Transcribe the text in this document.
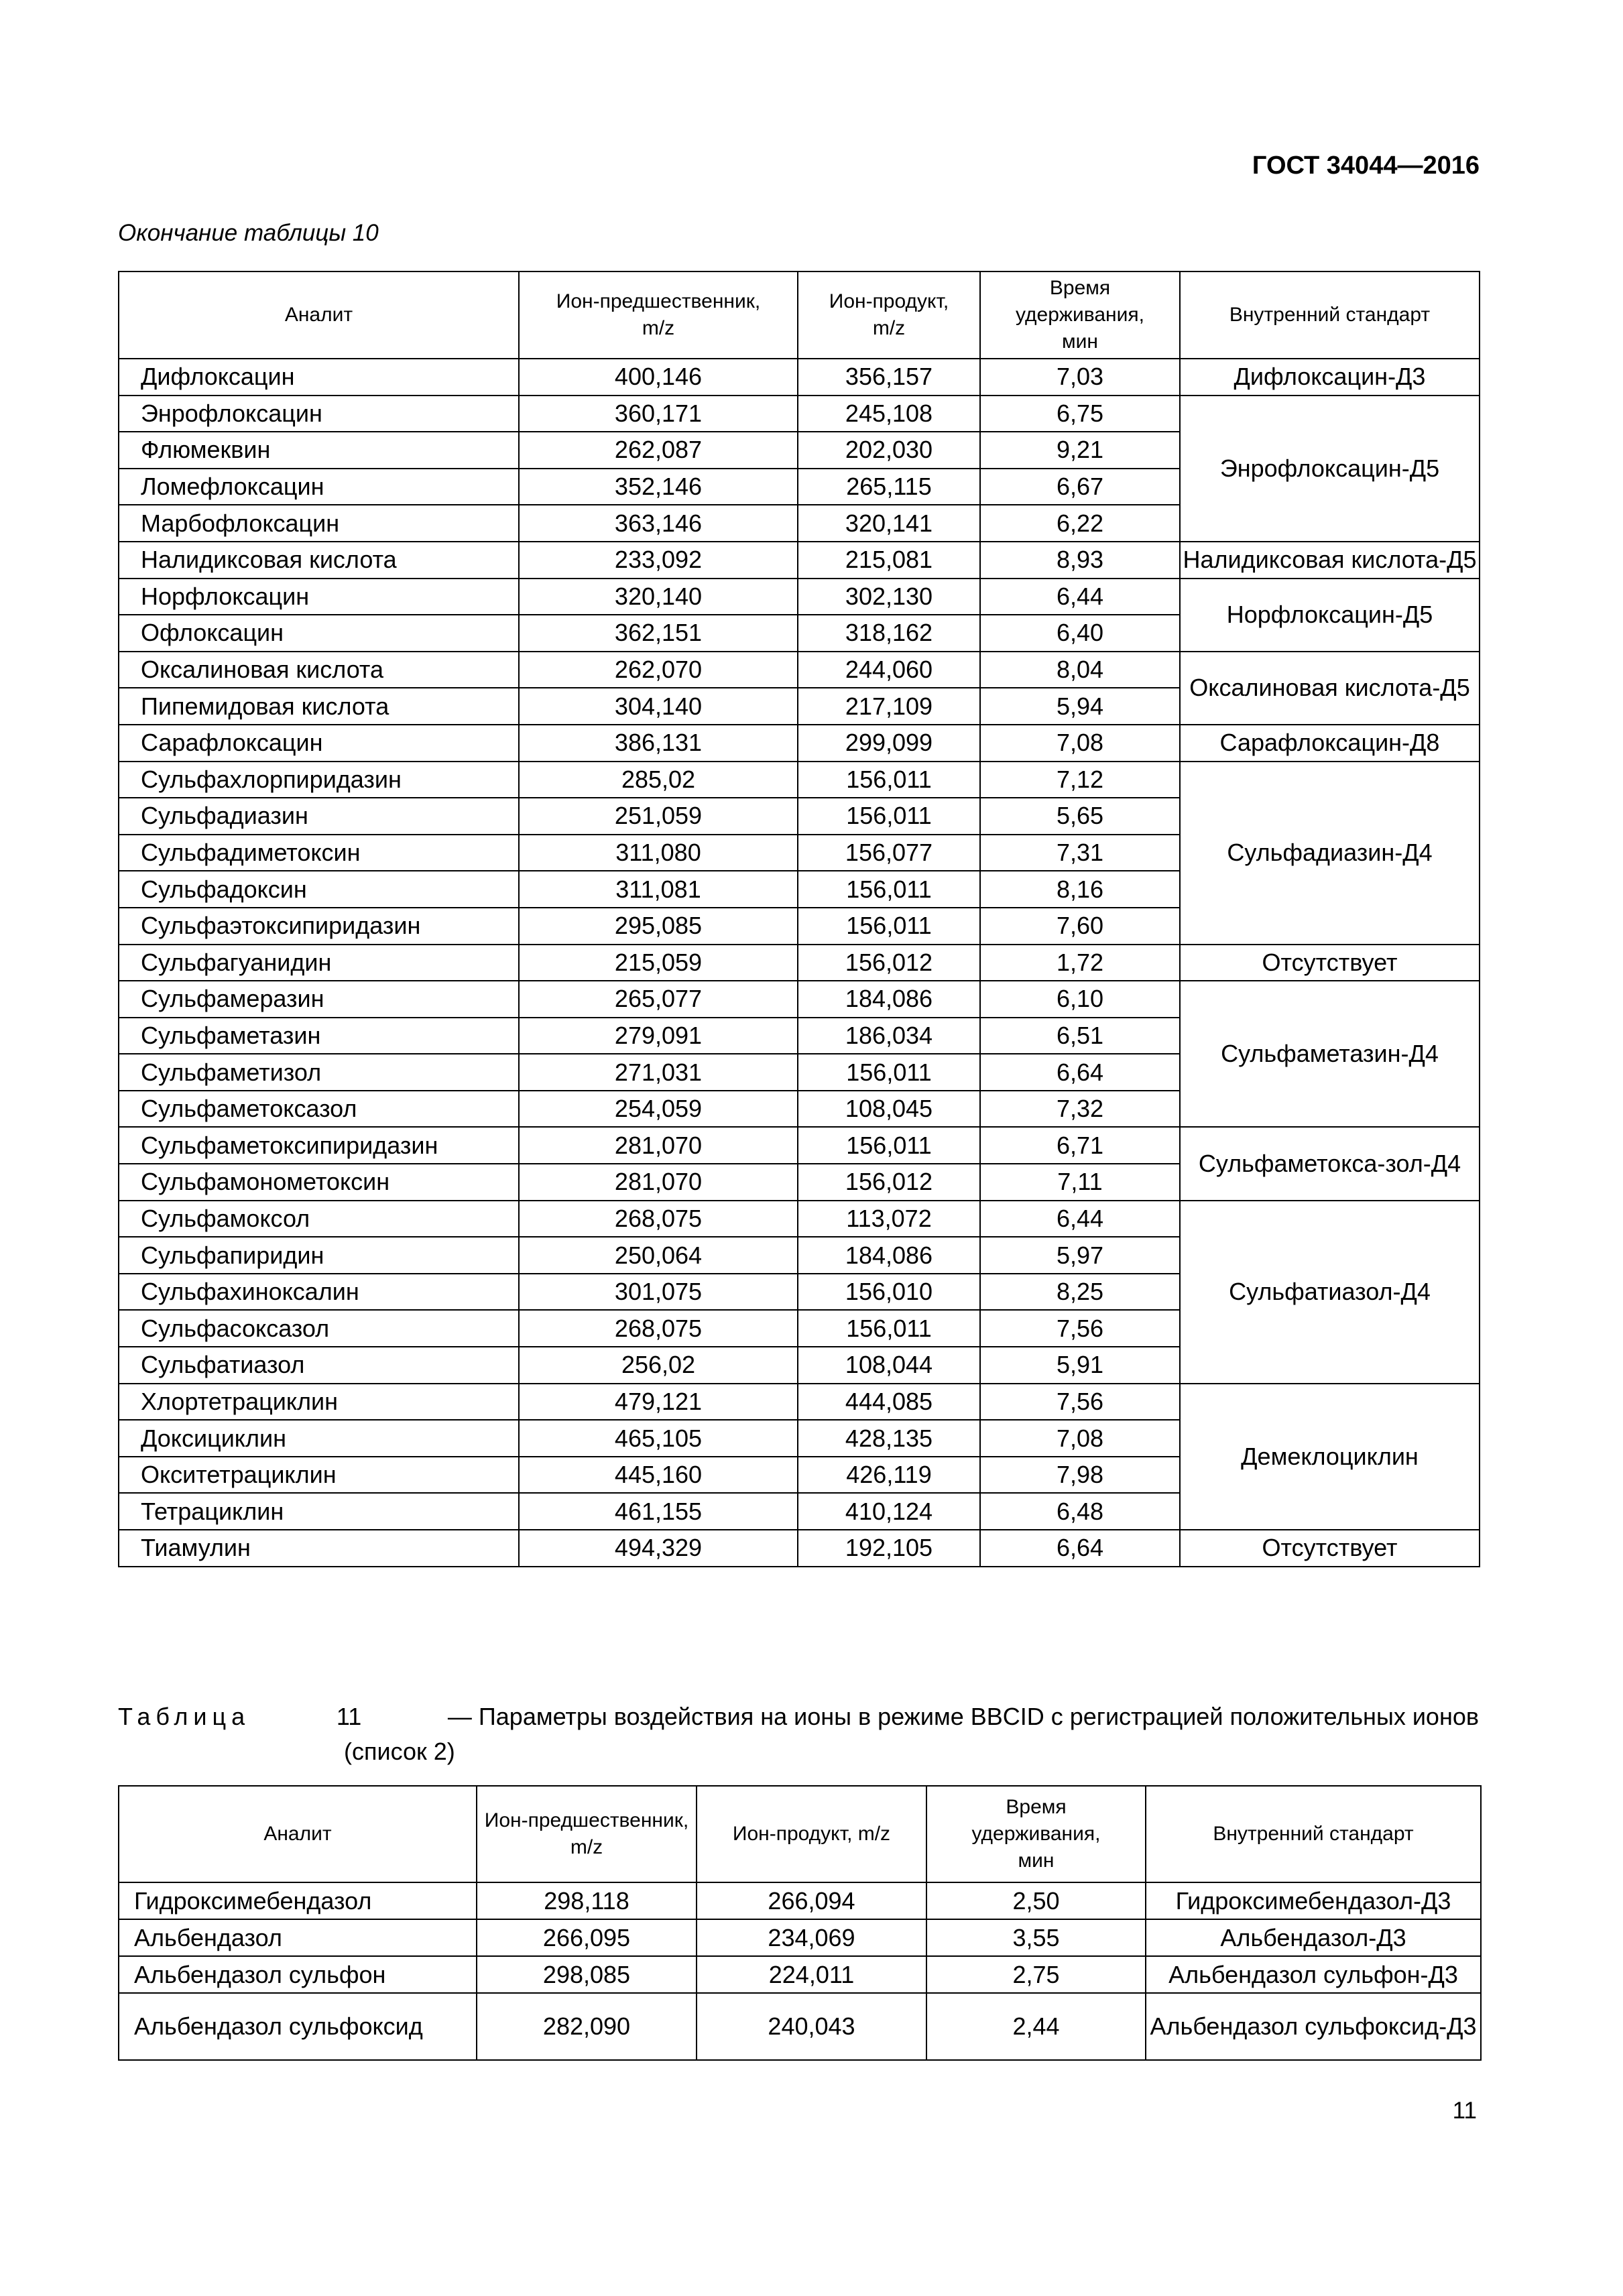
ГОСТ 34044—2016
Окончание таблицы 10
Аналит	Ион-предшественник, m/z	Ион-продукт, m/z	Время удерживания, мин	Внутренний стандарт
Дифлоксацин	400,146	356,157	7,03	Дифлоксацин-Д3
Энрофлоксацин	360,171	245,108	6,75	Энрофлоксацин-Д5
Флюмеквин	262,087	202,030	9,21	
Ломефлоксацин	352,146	265,115	6,67	
Марбофлоксацин	363,146	320,141	6,22	
Налидиксовая кислота	233,092	215,081	8,93	Налидиксовая кислота-Д5
Норфлоксацин	320,140	302,130	6,44	Норфлоксацин-Д5
Офлоксацин	362,151	318,162	6,40	
Оксалиновая кислота	262,070	244,060	8,04	Оксалиновая кислота-Д5
Пипемидовая кислота	304,140	217,109	5,94	
Сарафлоксацин	386,131	299,099	7,08	Сарафлоксацин-Д8
Сульфахлорпиридазин	285,02	156,011	7,12	Сульфадиазин-Д4
Сульфадиазин	251,059	156,011	5,65	
Сульфадиметоксин	311,080	156,077	7,31	
Сульфадоксин	311,081	156,011	8,16	
Сульфаэтоксипиридазин	295,085	156,011	7,60	
Сульфагуанидин	215,059	156,012	1,72	Отсутствует
Сульфамеразин	265,077	184,086	6,10	Сульфаметазин-Д4
Сульфаметазин	279,091	186,034	6,51	
Сульфаметизол	271,031	156,011	6,64	
Сульфаметоксазол	254,059	108,045	7,32	
Сульфаметоксипиридазин	281,070	156,011	6,71	Сульфаметокса-зол-Д4
Сульфамонометоксин	281,070	156,012	7,11	
Сульфамоксол	268,075	113,072	6,44	Сульфатиазол-Д4
Сульфапиридин	250,064	184,086	5,97	
Сульфахиноксалин	301,075	156,010	8,25	
Сульфасоксазол	268,075	156,011	7,56	
Сульфатиазол	256,02	108,044	5,91	
Хлортетрациклин	479,121	444,085	7,56	Демеклоциклин
Доксициклин	465,105	428,135	7,08	
Окситетрациклин	445,160	426,119	7,98	
Тетрациклин	461,155	410,124	6,48	
Тиамулин	494,329	192,105	6,64	Отсутствует
Таблица	11	— Параметры воздействия на ионы в режиме BBCID с регистрацией положительных ионов
(список 2)
Аналит	Ион-предшественник, m/z	Ион-продукт, m/z	Время удерживания, мин	Внутренний стандарт
Гидроксимебендазол	298,118	266,094	2,50	Гидроксимебендазол-Д3
Альбендазол	266,095	234,069	3,55	Альбендазол-Д3
Альбендазол сульфон	298,085	224,011	2,75	Альбендазол сульфон-Д3
Альбендазол сульфоксид	282,090	240,043	2,44	Альбендазол сульфоксид-Д3
11
